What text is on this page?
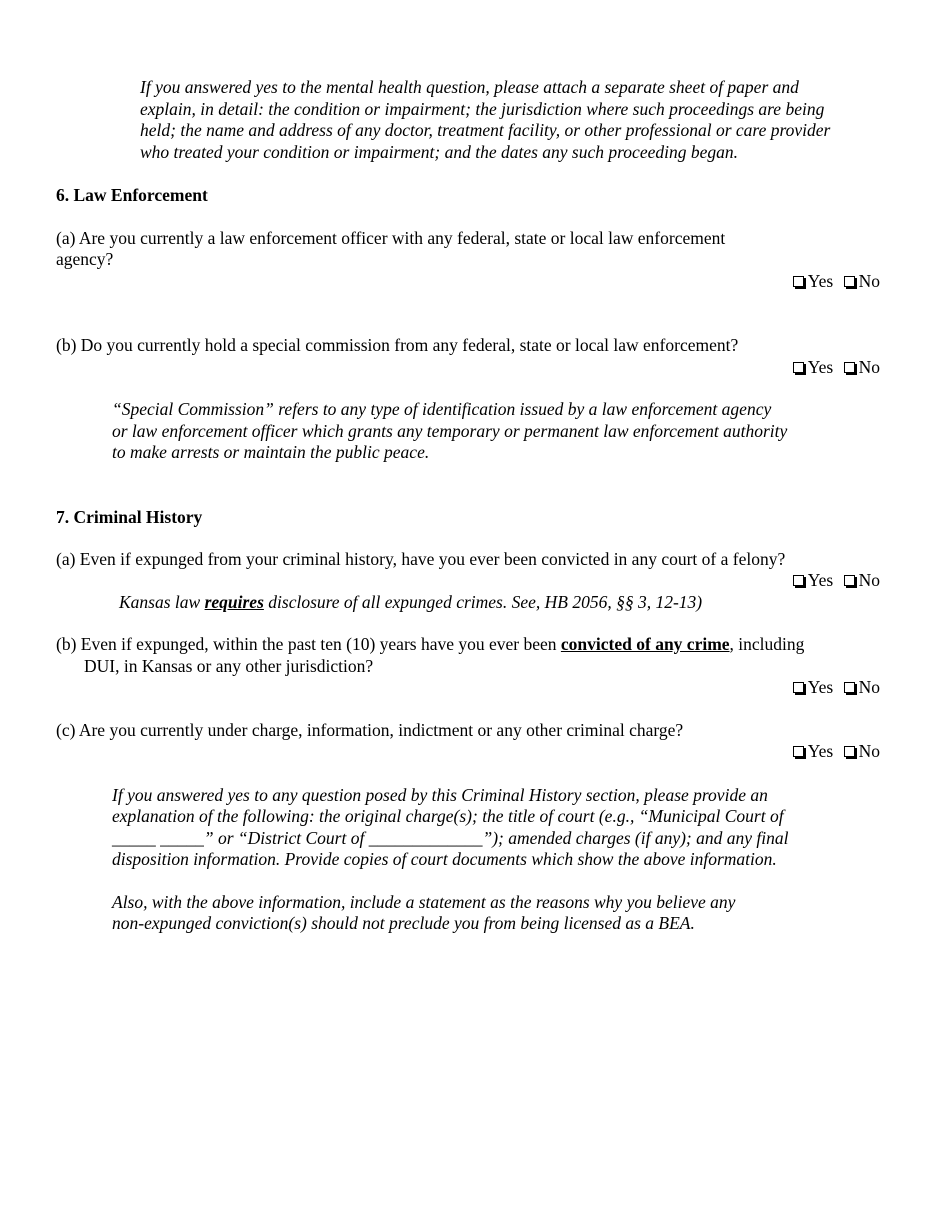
If you answered yes to the mental health question, please attach a separate sheet of paper and
explain, in detail: the condition or impairment; the jurisdiction where such proceedings are being
held; the name and address of any doctor, treatment facility, or other professional or care provider
who treated your condition or impairment; and the dates any such proceeding began.
6. Law Enforcement
(a) Are you currently a law enforcement officer with any federal, state or local law enforcement
agency?
Yes
No
(b) Do you currently hold a special commission from any federal, state or local law enforcement?
Yes
No
“Special Commission” refers to any type of identification issued by a law enforcement agency
or law enforcement officer which grants any temporary or permanent law enforcement authority
to make arrests or maintain the public peace.
7. Criminal History
(a) Even if expunged from your criminal history, have you ever been convicted in any court of a felony?
Yes
No
Kansas law requires disclosure of all expunged crimes. See, HB 2056, §§ 3, 12-13)
(b) Even if expunged, within the past ten (10) years have you ever been convicted of any crime, including
DUI, in Kansas or any other jurisdiction?
Yes
No
(c) Are you currently under charge, information, indictment or any other criminal charge?
Yes
No
If you answered yes to any question posed by this Criminal History section, please provide an
explanation of the following: the original charge(s); the title of court (e.g., “Municipal Court of
_____ _____” or “District Court of _____________”); amended charges (if any); and any final
disposition information. Provide copies of court documents which show the above information.
Also, with the above information, include a statement as the reasons why you believe any
non-expunged conviction(s) should not preclude you from being licensed as a BEA.
